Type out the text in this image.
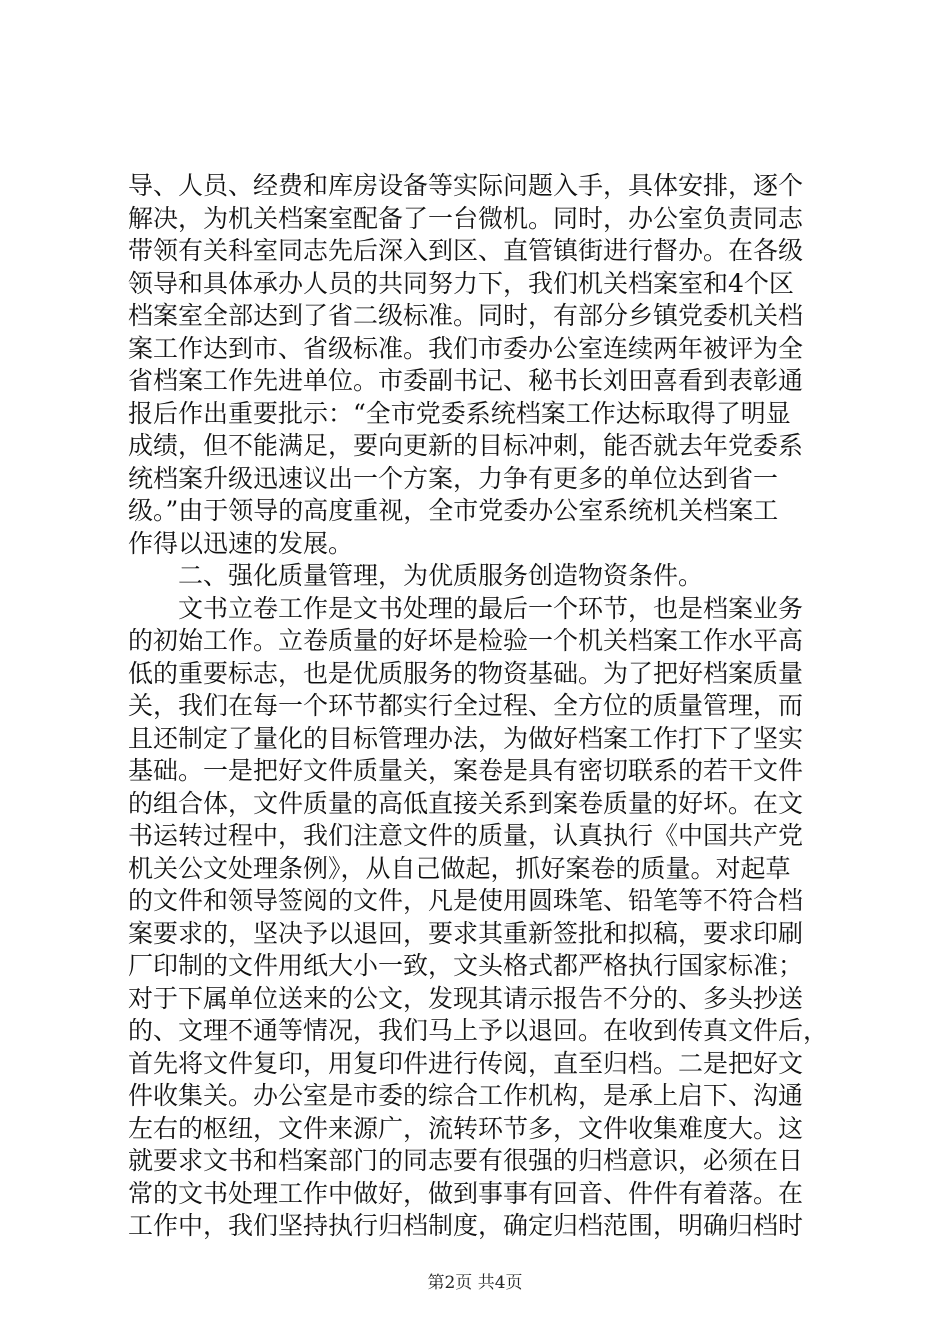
导、人员、经费和库房设备等实际问题入手，具体安排，逐个
解决，为机关档案室配备了一台微机。同时，办公室负责同志
带领有关科室同志先后深入到区、直管镇街进行督办。在各级
领导和具体承办人员的共同努力下，我们机关档案室和4个区
档案室全部达到了省二级标准。同时，有部分乡镇党委机关档
案工作达到市、省级标准。我们市委办公室连续两年被评为全
省档案工作先进单位。市委副书记、秘书长刘田喜看到表彰通
报后作出重要批示：“全市党委系统档案工作达标取得了明显
成绩，但不能满足，要向更新的目标冲刺，能否就去年党委系
统档案升级迅速议出一个方案，力争有更多的单位达到省一
级。”由于领导的高度重视，全市党委办公室系统机关档案工
作得以迅速的发展。
　　二、强化质量管理，为优质服务创造物资条件。
　　文书立卷工作是文书处理的最后一个环节，也是档案业务
的初始工作。立卷质量的好坏是检验一个机关档案工作水平高
低的重要标志，也是优质服务的物资基础。为了把好档案质量
关，我们在每一个环节都实行全过程、全方位的质量管理，而
且还制定了量化的目标管理办法，为做好档案工作打下了坚实
基础。一是把好文件质量关，案卷是具有密切联系的若干文件
的组合体，文件质量的高低直接关系到案卷质量的好坏。在文
书运转过程中，我们注意文件的质量，认真执行《中国共产党
机关公文处理条例》，从自己做起，抓好案卷的质量。对起草
的文件和领导签阅的文件，凡是使用圆珠笔、铅笔等不符合档
案要求的，坚决予以退回，要求其重新签批和拟稿，要求印刷
厂印制的文件用纸大小一致，文头格式都严格执行国家标准；
对于下属单位送来的公文，发现其请示报告不分的、多头抄送
的、文理不通等情况，我们马上予以退回。在收到传真文件后，
首先将文件复印，用复印件进行传阅，直至归档。二是把好文
件收集关。办公室是市委的综合工作机构，是承上启下、沟通
左右的枢纽，文件来源广，流转环节多，文件收集难度大。这
就要求文书和档案部门的同志要有很强的归档意识，必须在日
常的文书处理工作中做好，做到事事有回音、件件有着落。在
工作中，我们坚持执行归档制度，确定归档范围，明确归档时
第2页 共4页
